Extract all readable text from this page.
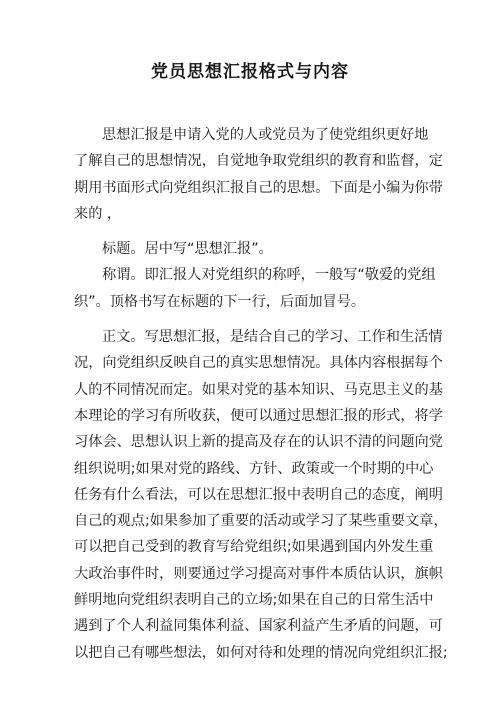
党员思想汇报格式与内容
思想汇报是申请入党的人或党员为了使党组织更好地
了解自己的思想情况，自觉地争取党组织的教育和监督，定
期用书面形式向党组织汇报自己的思想。下面是小编为你带
来的 ，
标题。居中写“思想汇报”。
称谓。即汇报人对党组织的称呼，一般写“敬爱的党组
织”。顶格书写在标题的下一行，后面加冒号。
正文。写思想汇报，是结合自己的学习、工作和生活情
况，向党组织反映自己的真实思想情况。具体内容根据每个
人的不同情况而定。如果对党的基本知识、马克思主义的基
本理论的学习有所收获，便可以通过思想汇报的形式，将学
习体会、思想认识上新的提高及存在的认识不清的问题向党
组织说明;如果对党的路线、方针、政策或一个时期的中心
任务有什么看法，可以在思想汇报中表明自己的态度，阐明
自己的观点;如果参加了重要的活动或学习了某些重要文章，
可以把自己受到的教育写给党组织;如果遇到国内外发生重
大政治事件时，则要通过学习提高对事件本质估认识，旗帜
鲜明地向党组织表明自己的立场;如果在自己的日常生活中
遇到了个人利益同集体利益、国家利益产生矛盾的问题，可
以把自己有哪些想法，如何对待和处理的情况向党组织汇报;
